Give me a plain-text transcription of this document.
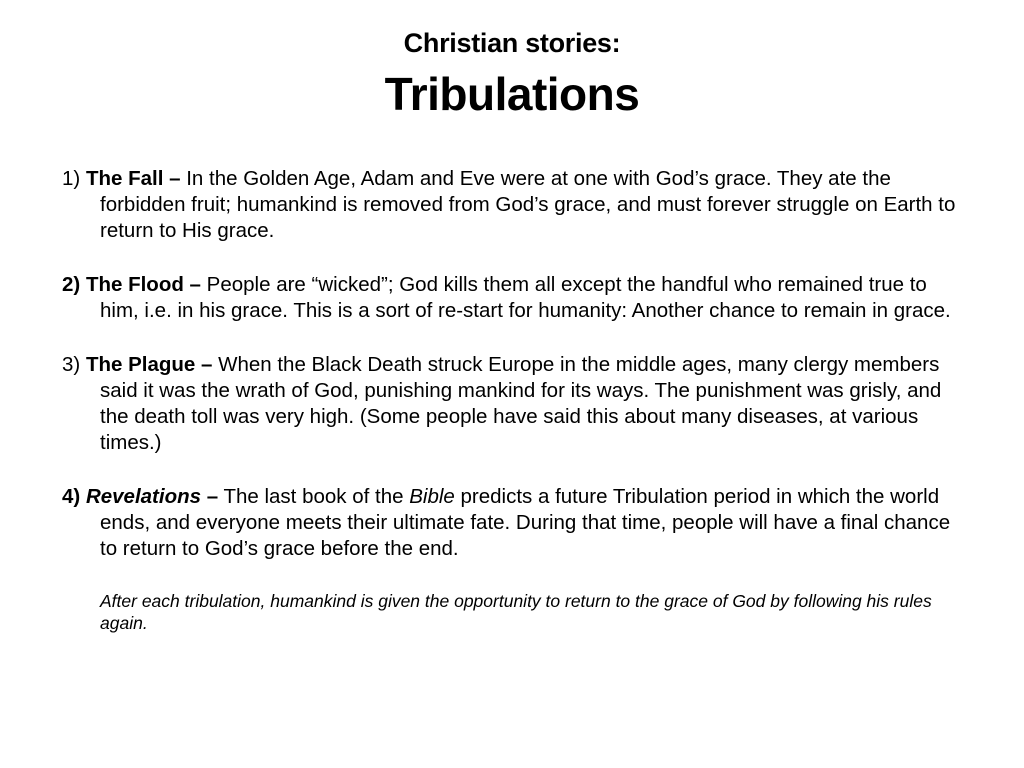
Christian stories:
Tribulations

1) The Fall – In the Golden Age, Adam and Eve were at one with God’s grace. They ate the forbidden fruit; humankind is removed from God’s grace, and must forever struggle on Earth to return to His grace.

2) The Flood – People are “wicked”; God kills them all except the handful who remained true to him, i.e. in his grace. This is a sort of re-start for humanity: Another chance to remain in grace.

3) The Plague – When the Black Death struck Europe in the middle ages, many clergy members said it was the wrath of God, punishing mankind for its ways. The punishment was grisly, and the death toll was very high. (Some people have said this about many diseases, at various times.)

4) Revelations – The last book of the Bible predicts a future Tribulation period in which the world ends, and everyone meets their ultimate fate. During that time, people will have a final chance to return to God’s grace before the end.

After each tribulation, humankind is given the opportunity to return to the grace of God by following his rules again.
